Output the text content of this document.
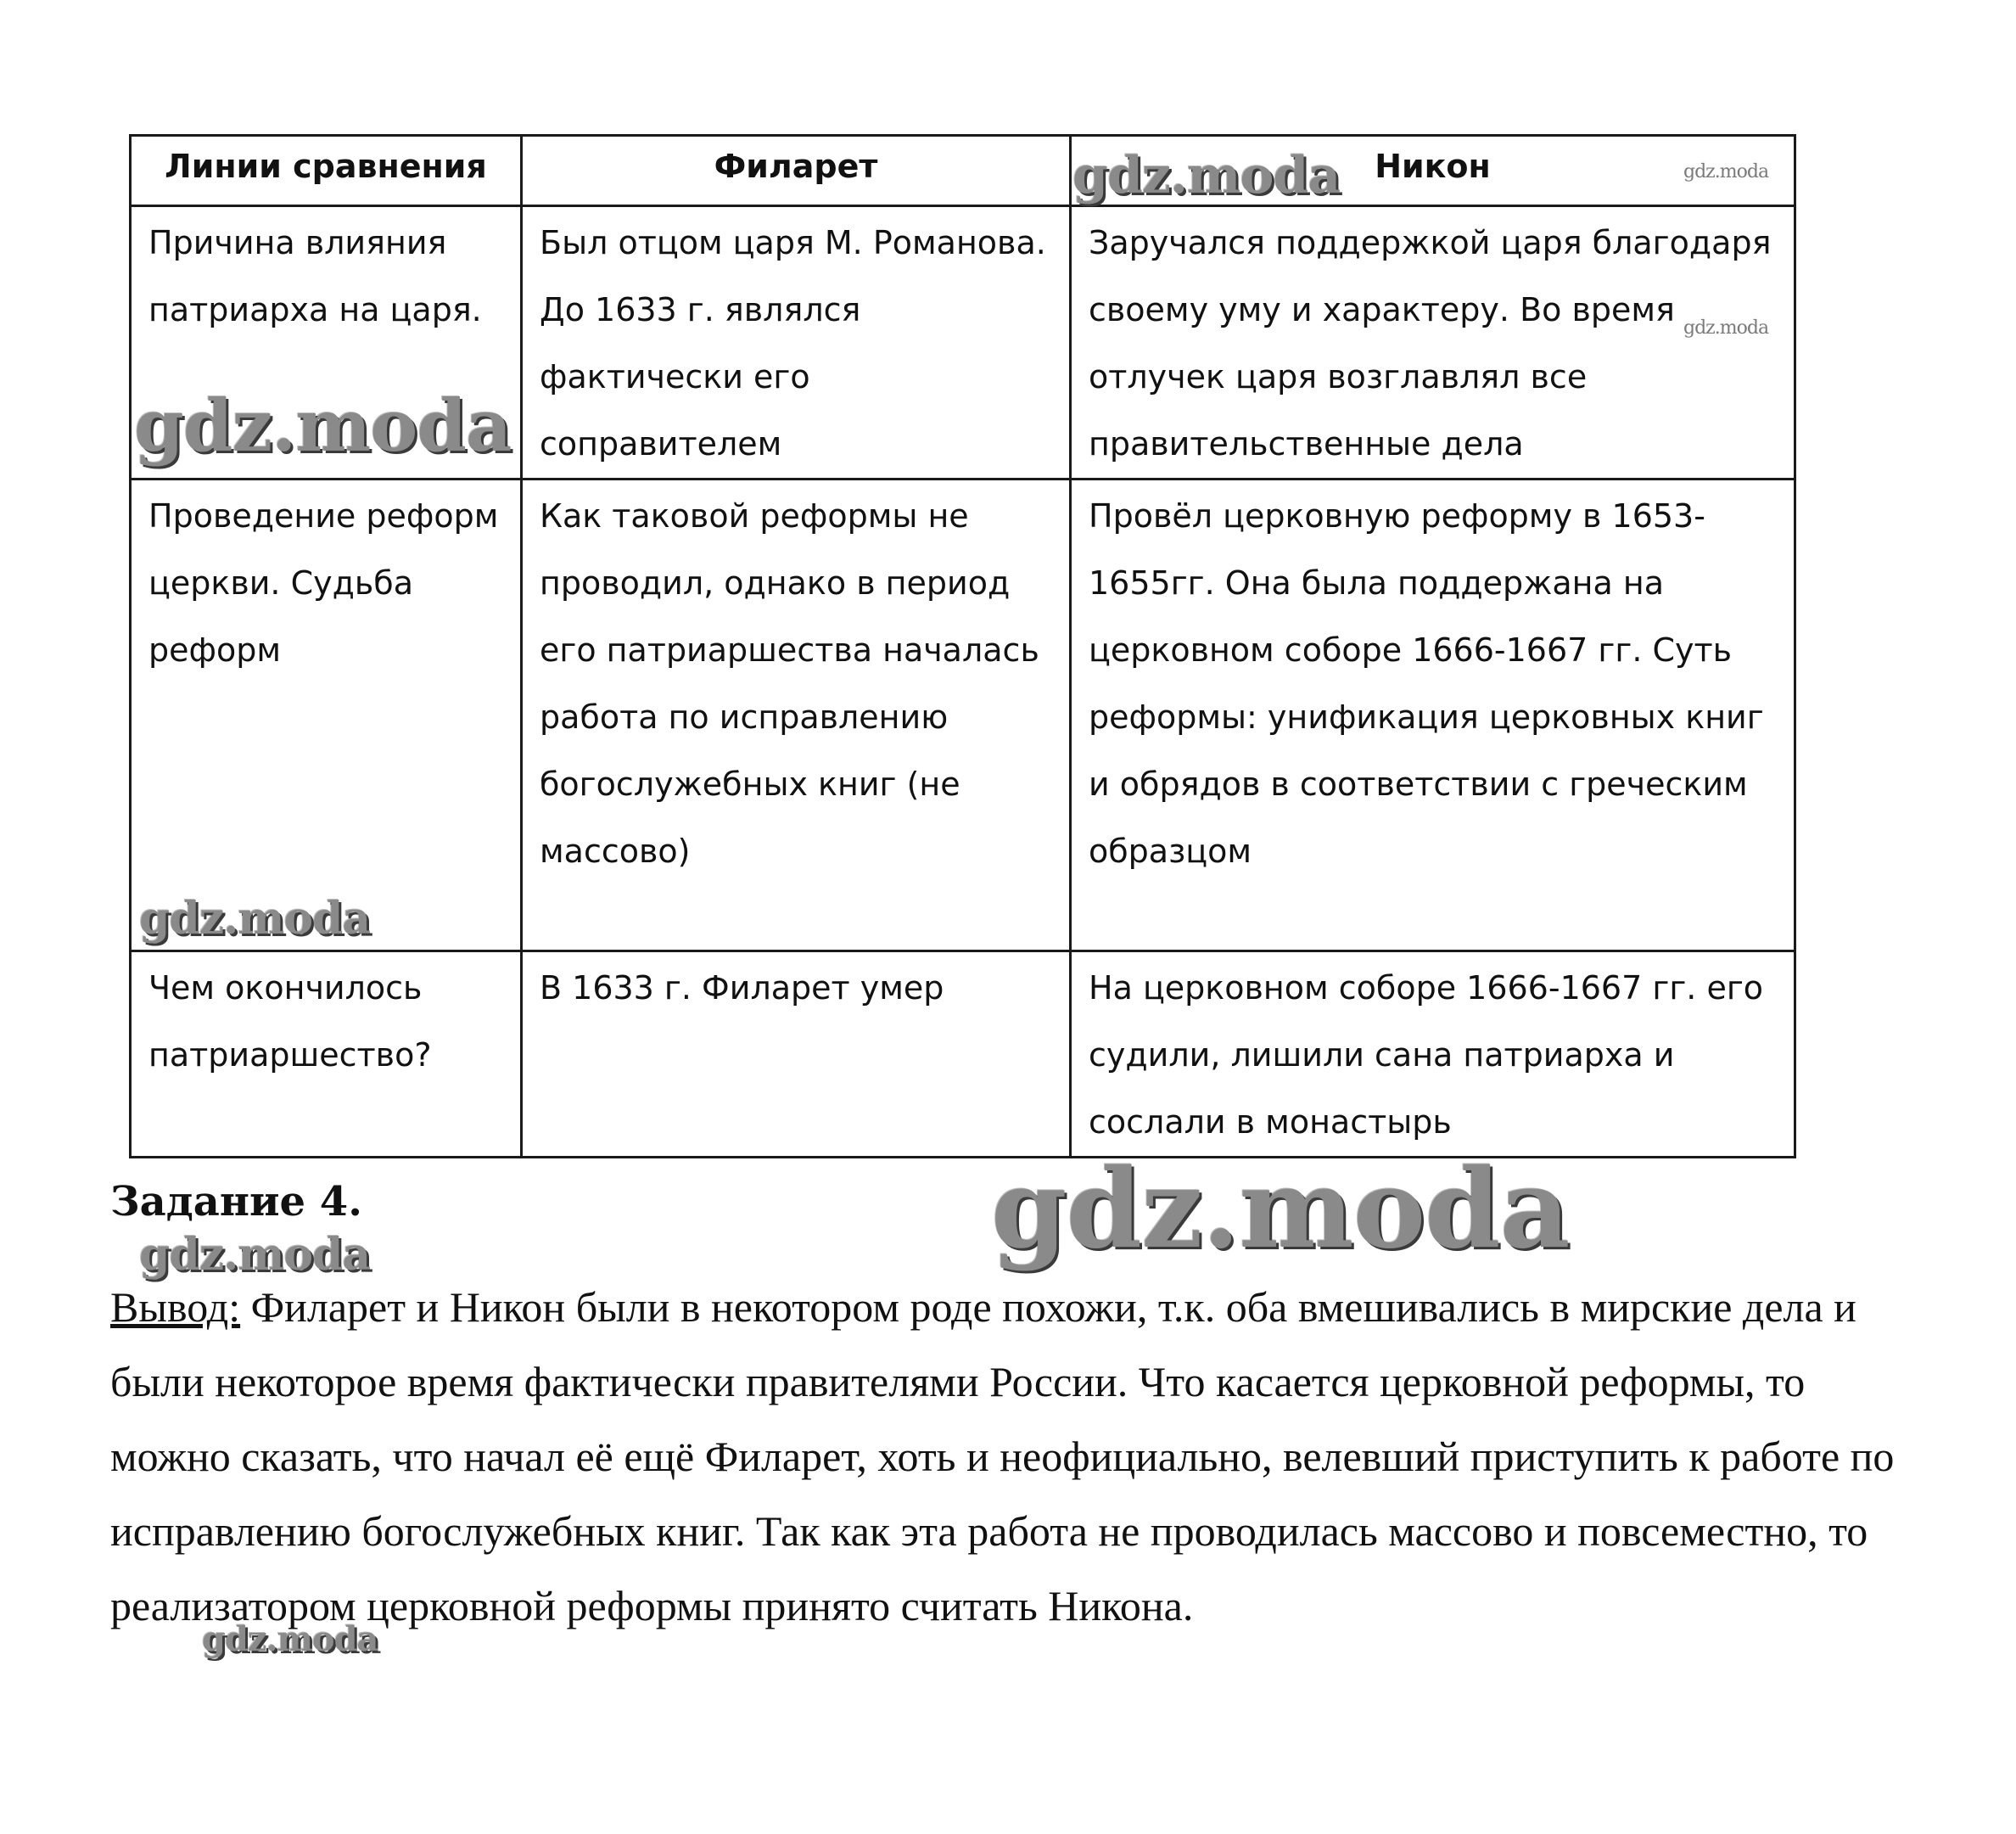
Линии сравнения	Филарет	Никон

Причина влияния патриарха на царя.	Был отцом царя М. Романова. До 1633 г. являлся фактически его соправителем	Заручался поддержкой царя благодаря своему уму и характеру. Во время отлучек царя возглавлял все правительственные дела

Проведение реформ церкви. Судьба реформ	Как таковой реформы не проводил, однако в период его патриаршества началась работа по исправлению богослужебных книг (не массово)	Провёл церковную реформу в 1653-1655гг. Она была поддержана на церковном соборе 1666-1667 гг. Суть реформы: унификация церковных книг и обрядов в соответствии с греческим образцом

Чем окончилось патриаршество?	В 1633 г. Филарет умер	На церковном соборе 1666-1667 гг. его судили, лишили сана патриарха и сослали в монастырь
Задание 4.

Вывод: Филарет и Никон были в некотором роде похожи, т.к. оба вмешивались в мирские дела и были некоторое время фактически правителями России. Что касается церковной реформы, то можно сказать, что начал её ещё Филарет, хоть и неофициально, велевший приступить к работе по исправлению богослужебных книг. Так как эта работа не проводилась массово и повсеместно, то реализатором церковной реформы принято считать Никона.

gdz.moda	gdz.moda
gdz.moda
gdz.moda
gdz.moda
gdz.moda
gdz.moda
gdz.moda
